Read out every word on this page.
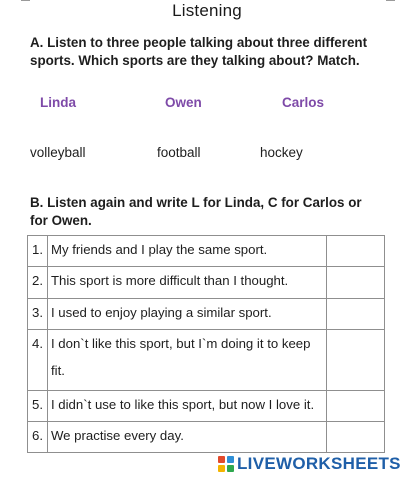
Listening
A. Listen to three people talking about three different sports. Which sports are they talking about? Match.
Linda	Owen	Carlos
volleyball	football	hockey
B. Listen again and write L for Linda, C for Carlos or for Owen.
1.	My friends and I play the same sport.	

2.	This sport is more difficult than I thought.	

3.	I used to enjoy playing a similar sport.	

4.	I don`t like this sport, but I`m doing it to keep
fit.	

5.	I didn`t use to like this sport, but now I love it.	

6.	We practise every day.	
LIVEWORKSHEETS
